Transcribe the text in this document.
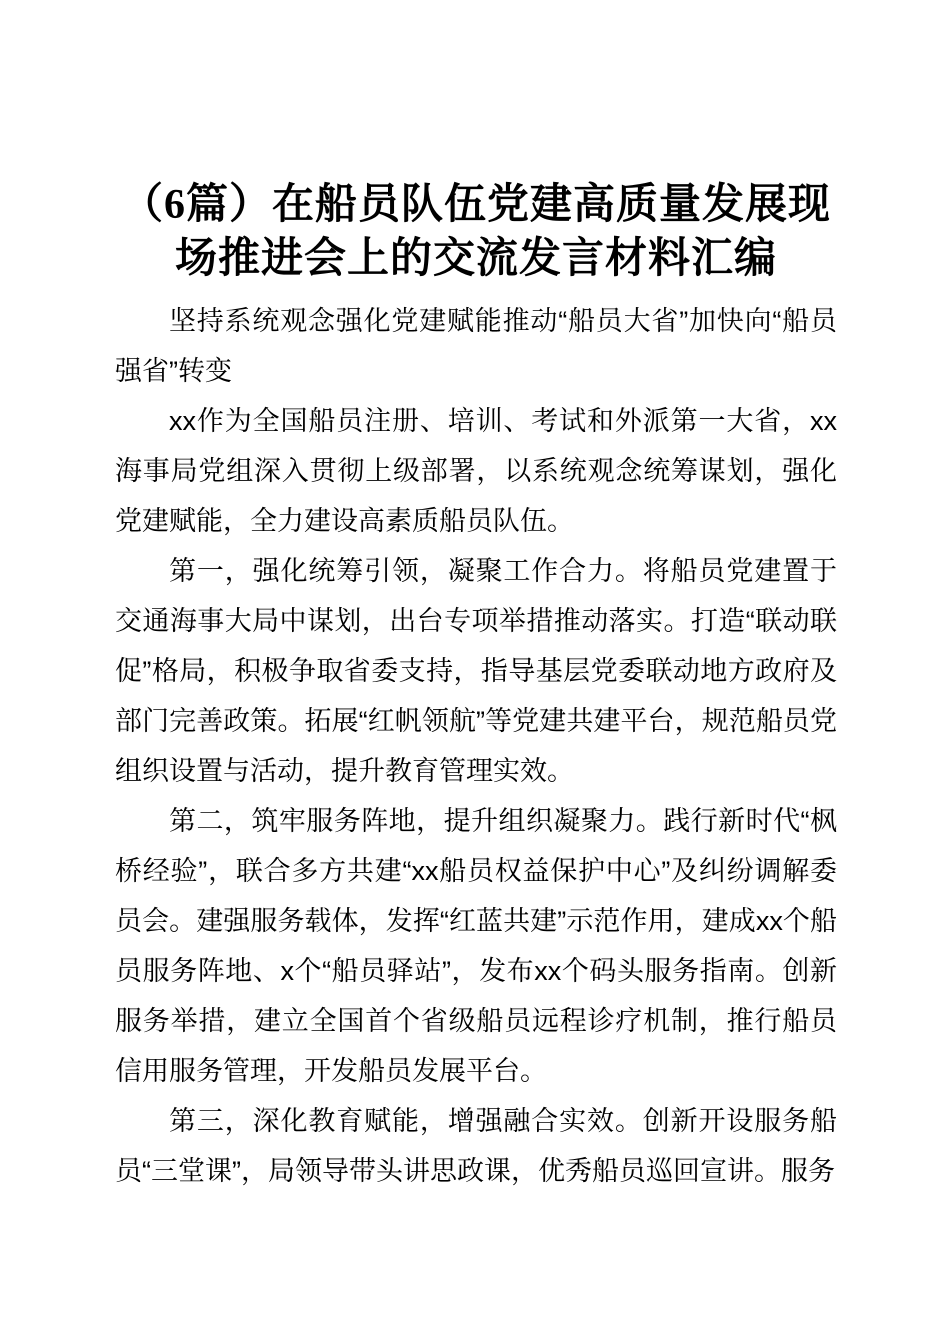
（6篇）在船员队伍党建高质量发展现场推进会上的交流发言材料汇编

坚持系统观念强化党建赋能推动“船员大省”加快向“船员强省”转变

xx作为全国船员注册、培训、考试和外派第一大省，xx海事局党组深入贯彻上级部署，以系统观念统筹谋划，强化党建赋能，全力建设高素质船员队伍。

第一，强化统筹引领，凝聚工作合力。将船员党建置于交通海事大局中谋划，出台专项举措推动落实。打造“联动联促”格局，积极争取省委支持，指导基层党委联动地方政府及部门完善政策。拓展“红帆领航”等党建共建平台，规范船员党组织设置与活动，提升教育管理实效。

第二，筑牢服务阵地，提升组织凝聚力。践行新时代“枫桥经验”，联合多方共建“xx船员权益保护中心”及纠纷调解委员会。建强服务载体，发挥“红蓝共建”示范作用，建成xx个船员服务阵地、x个“船员驿站”，发布xx个码头服务指南。创新服务举措，建立全国首个省级船员远程诊疗机制，推行船员信用服务管理，开发船员发展平台。

第三，深化教育赋能，增强融合实效。创新开设服务船员“三堂课”，局领导带头讲思政课，优秀船员巡回宣讲。服务
